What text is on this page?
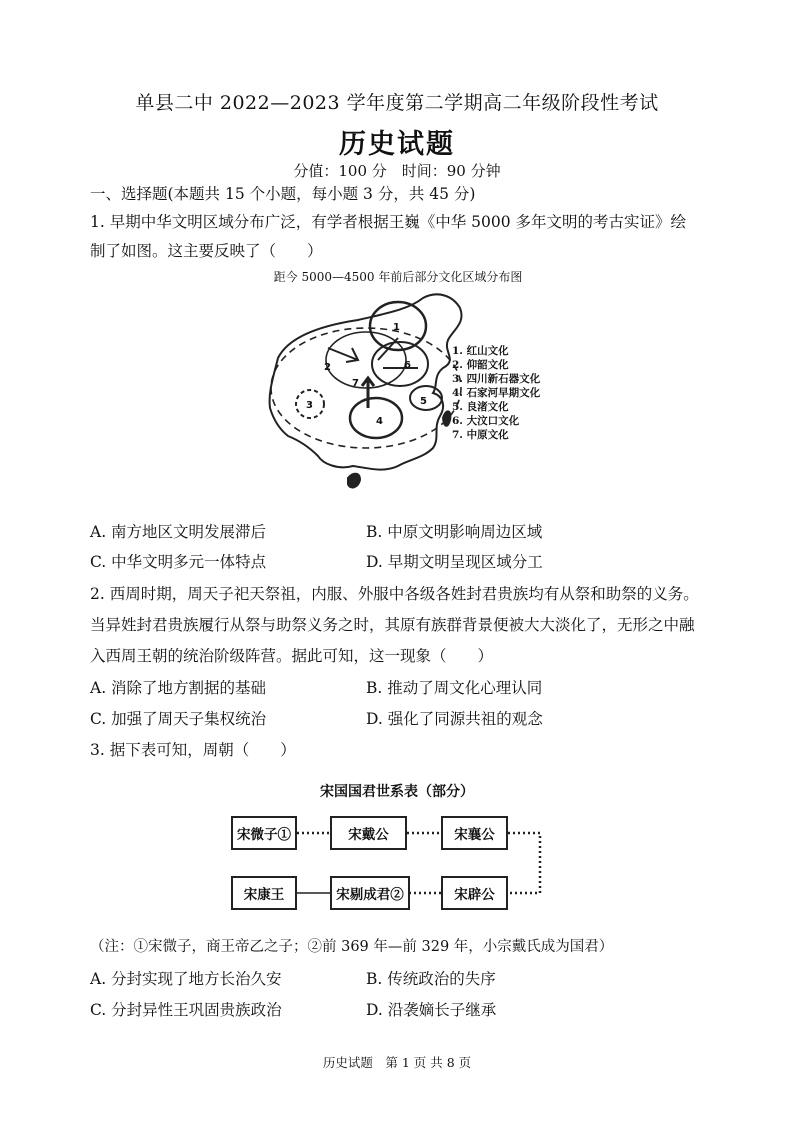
单县二中 2022—2023 学年度第二学期高二年级阶段性考试
历史试题
分值：100 分　时间：90 分钟
一、选择题(本题共 15 个小题，每小题 3 分，共 45 分)
1. 早期中华文明区域分布广泛，有学者根据王巍《中华 5000 多年文明的考古实证》绘
制了如图。这主要反映了（　　）
距今 5000—4500 年前后部分文化区域分布图
1
2
3
4
5
6
7
1. 红山文化
2. 仰韶文化
3. 四川新石器文化
4. 石家河早期文化
5. 良渚文化
6. 大汶口文化
7. 中原文化
A. 南方地区文明发展滞后	B. 中原文明影响周边区域
C. 中华文明多元一体特点	D. 早期文明呈现区域分工
2. 西周时期，周天子祀天祭祖，内服、外服中各级各姓封君贵族均有从祭和助祭的义务。
当异姓封君贵族履行从祭与助祭义务之时，其原有族群背景便被大大淡化了，无形之中融
入西周王朝的统治阶级阵营。据此可知，这一现象（　　）
A. 消除了地方割据的基础	B. 推动了周文化心理认同
C. 加强了周天子集权统治	D. 强化了同源共祖的观念
3. 据下表可知，周朝（　　）
宋国国君世系表（部分）
宋微子①	宋戴公	宋襄公
宋辟公
宋剔成君②
宋康王
（注：①宋微子，商王帝乙之子；②前 369 年—前 329 年，小宗戴氏成为国君）
A. 分封实现了地方长治久安	B. 传统政治的失序
C. 分封异性王巩固贵族政治	D. 沿袭嫡长子继承
历史试题　第 1 页 共 8 页
